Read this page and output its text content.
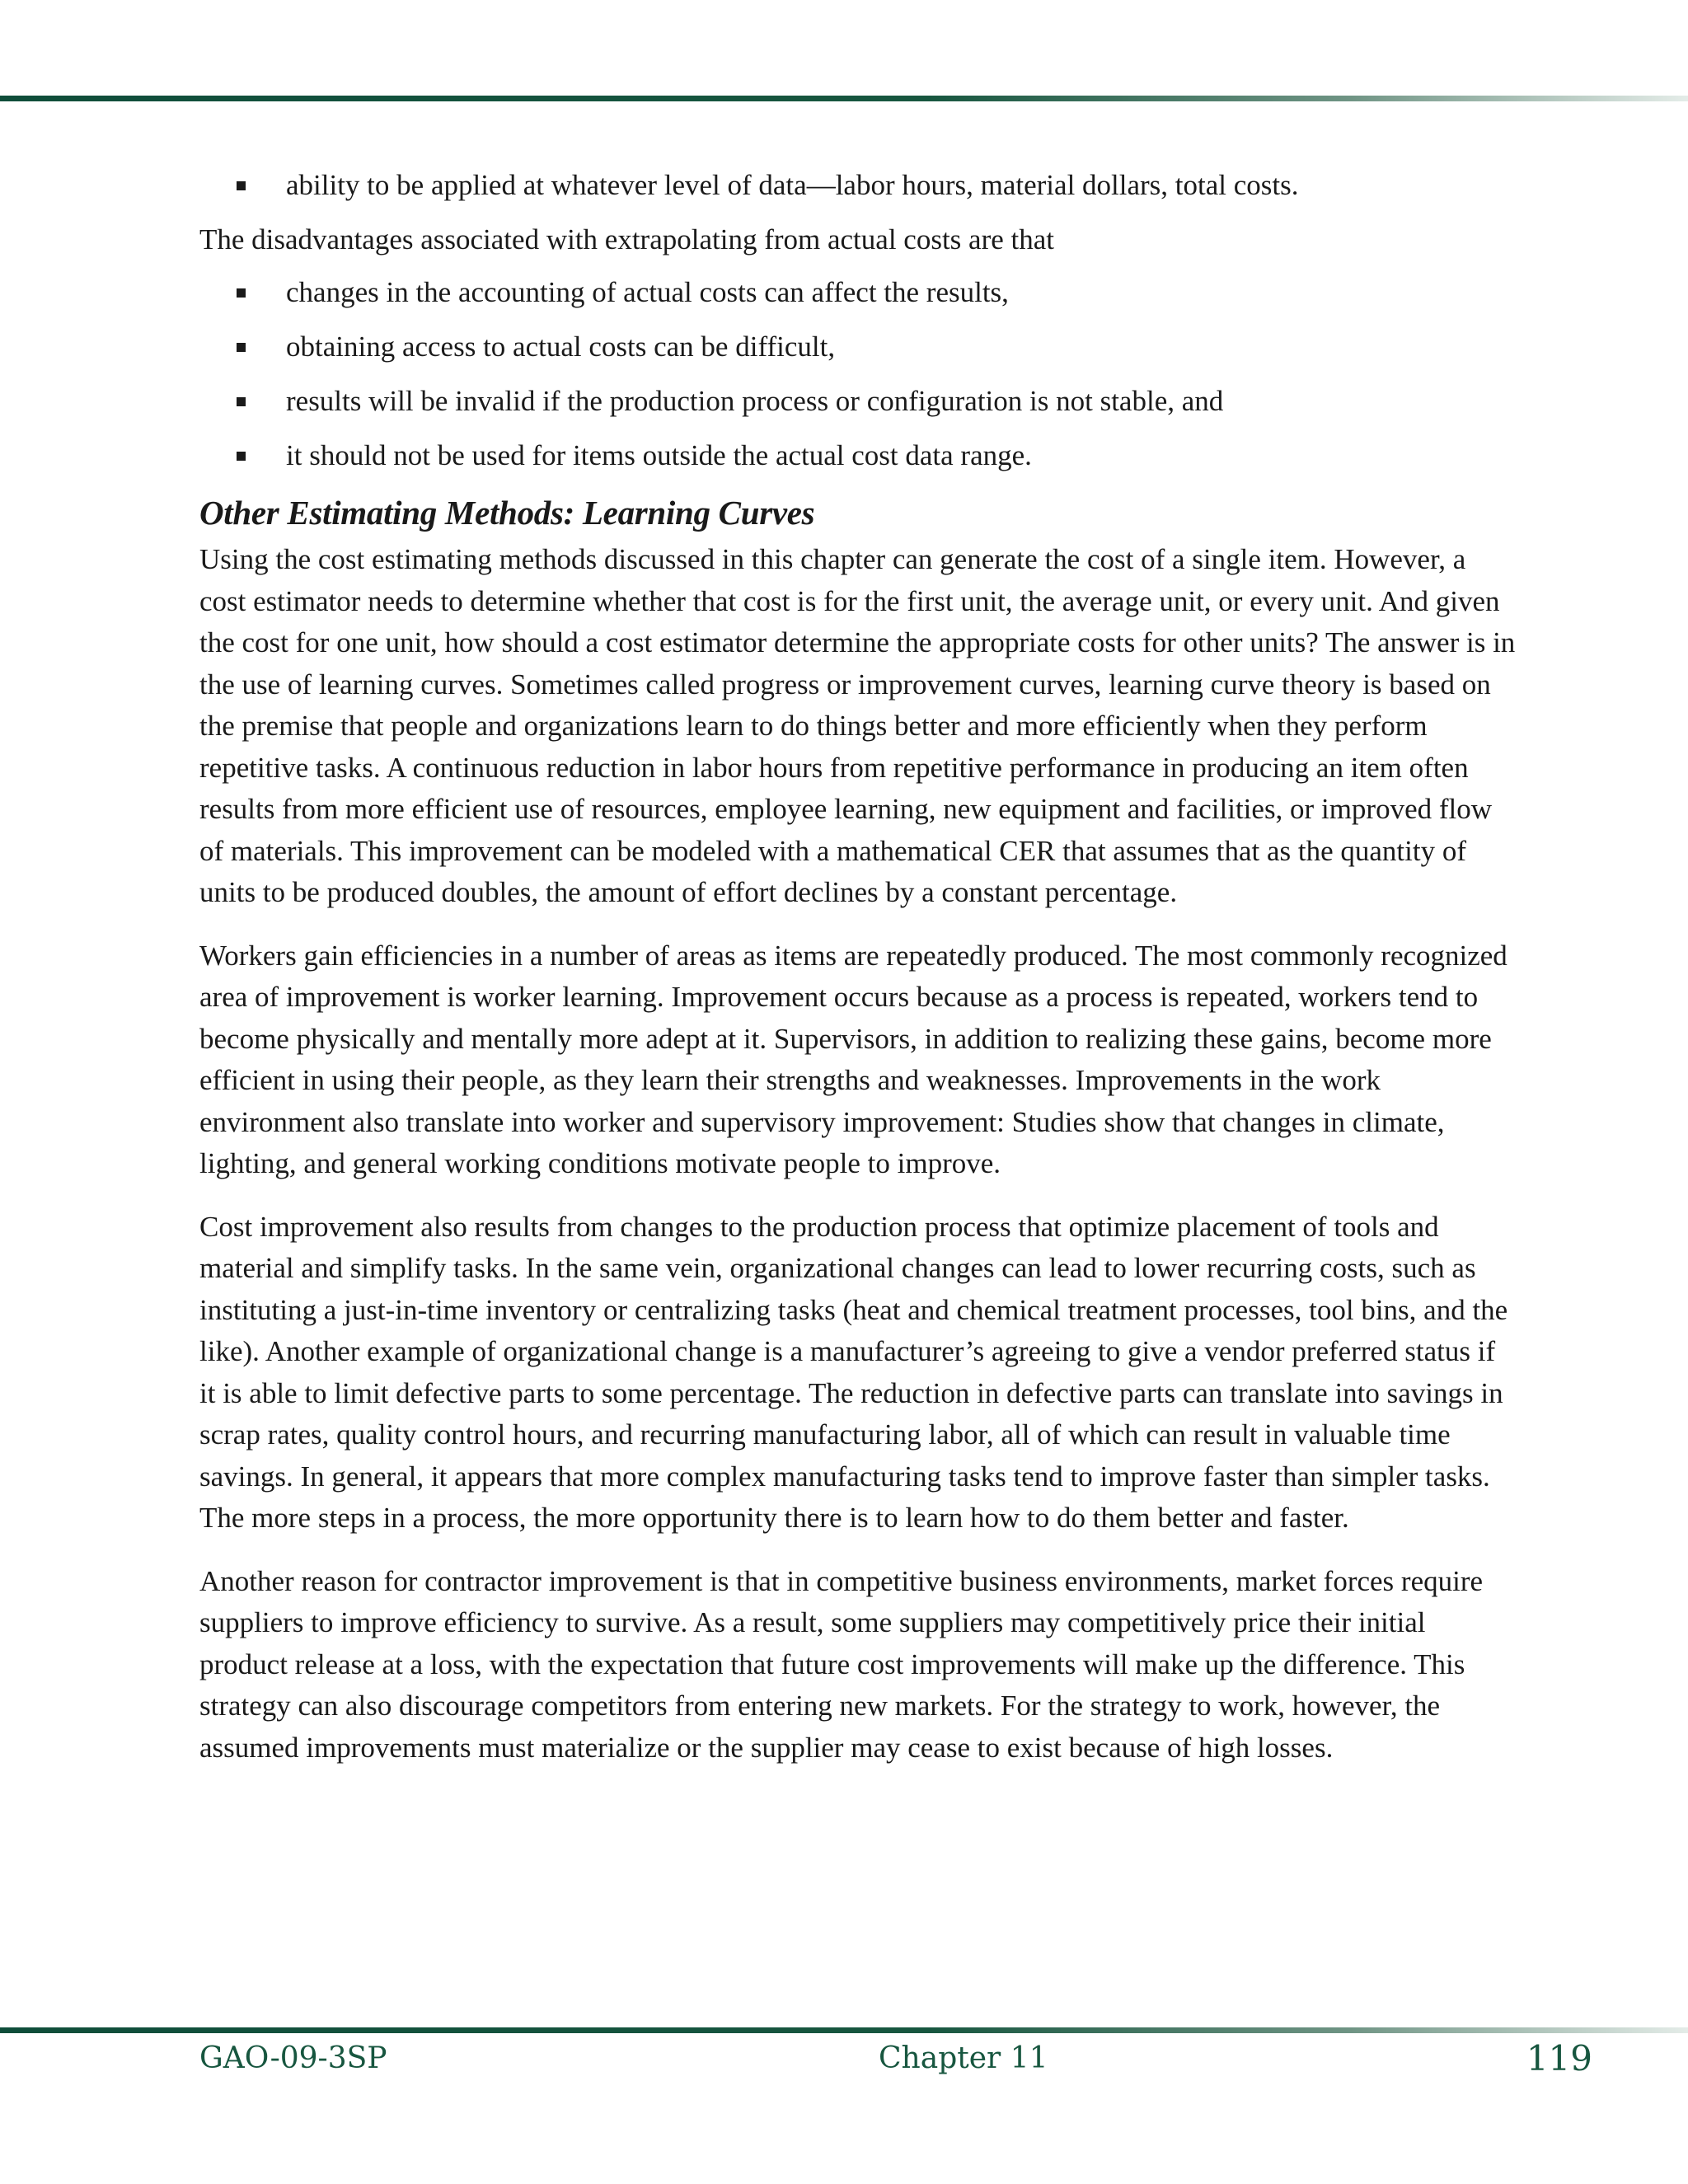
ability to be applied at whatever level of data—labor hours, material dollars, total costs.

The disadvantages associated with extrapolating from actual costs are that

changes in the accounting of actual costs can affect the results,
obtaining access to actual costs can be difficult,
results will be invalid if the production process or configuration is not stable, and
it should not be used for items outside the actual cost data range.
Other Estimating Methods: Learning Curves

Using the cost estimating methods discussed in this chapter can generate the cost of a single item. However, a cost estimator needs to determine whether that cost is for the first unit, the average unit, or every unit. And given the cost for one unit, how should a cost estimator determine the appropriate costs for other units? The answer is in the use of learning curves. Sometimes called progress or improvement curves, learning curve theory is based on the premise that people and organizations learn to do things better and more efficiently when they perform repetitive tasks. A continuous reduction in labor hours from repetitive performance in producing an item often results from more efficient use of resources, employee learning, new equipment and facilities, or improved flow of materials. This improvement can be modeled with a mathematical CER that assumes that as the quantity of units to be produced doubles, the amount of effort declines by a constant percentage.

Workers gain efficiencies in a number of areas as items are repeatedly produced. The most commonly recognized area of improvement is worker learning. Improvement occurs because as a process is repeated, workers tend to become physically and mentally more adept at it. Supervisors, in addition to realizing these gains, become more efficient in using their people, as they learn their strengths and weaknesses. Improvements in the work environment also translate into worker and supervisory improvement: Studies show that changes in climate, lighting, and general working conditions motivate people to improve.

Cost improvement also results from changes to the production process that optimize placement of tools and material and simplify tasks. In the same vein, organizational changes can lead to lower recurring costs, such as instituting a just-in-time inventory or centralizing tasks (heat and chemical treatment processes, tool bins, and the like). Another example of organizational change is a manufacturer’s agreeing to give a vendor preferred status if it is able to limit defective parts to some percentage. The reduction in defective parts can translate into savings in scrap rates, quality control hours, and recurring manufacturing labor, all of which can result in valuable time savings. In general, it appears that more complex manufacturing tasks tend to improve faster than simpler tasks. The more steps in a process, the more opportunity there is to learn how to do them better and faster.

Another reason for contractor improvement is that in competitive business environments, market forces require suppliers to improve efficiency to survive. As a result, some suppliers may competitively price their initial product release at a loss, with the expectation that future cost improvements will make up the difference. This strategy can also discourage competitors from entering new markets. For the strategy to work, however, the assumed improvements must materialize or the supplier may cease to exist because of high losses.

GAO-09-3SP	Chapter 11	119
